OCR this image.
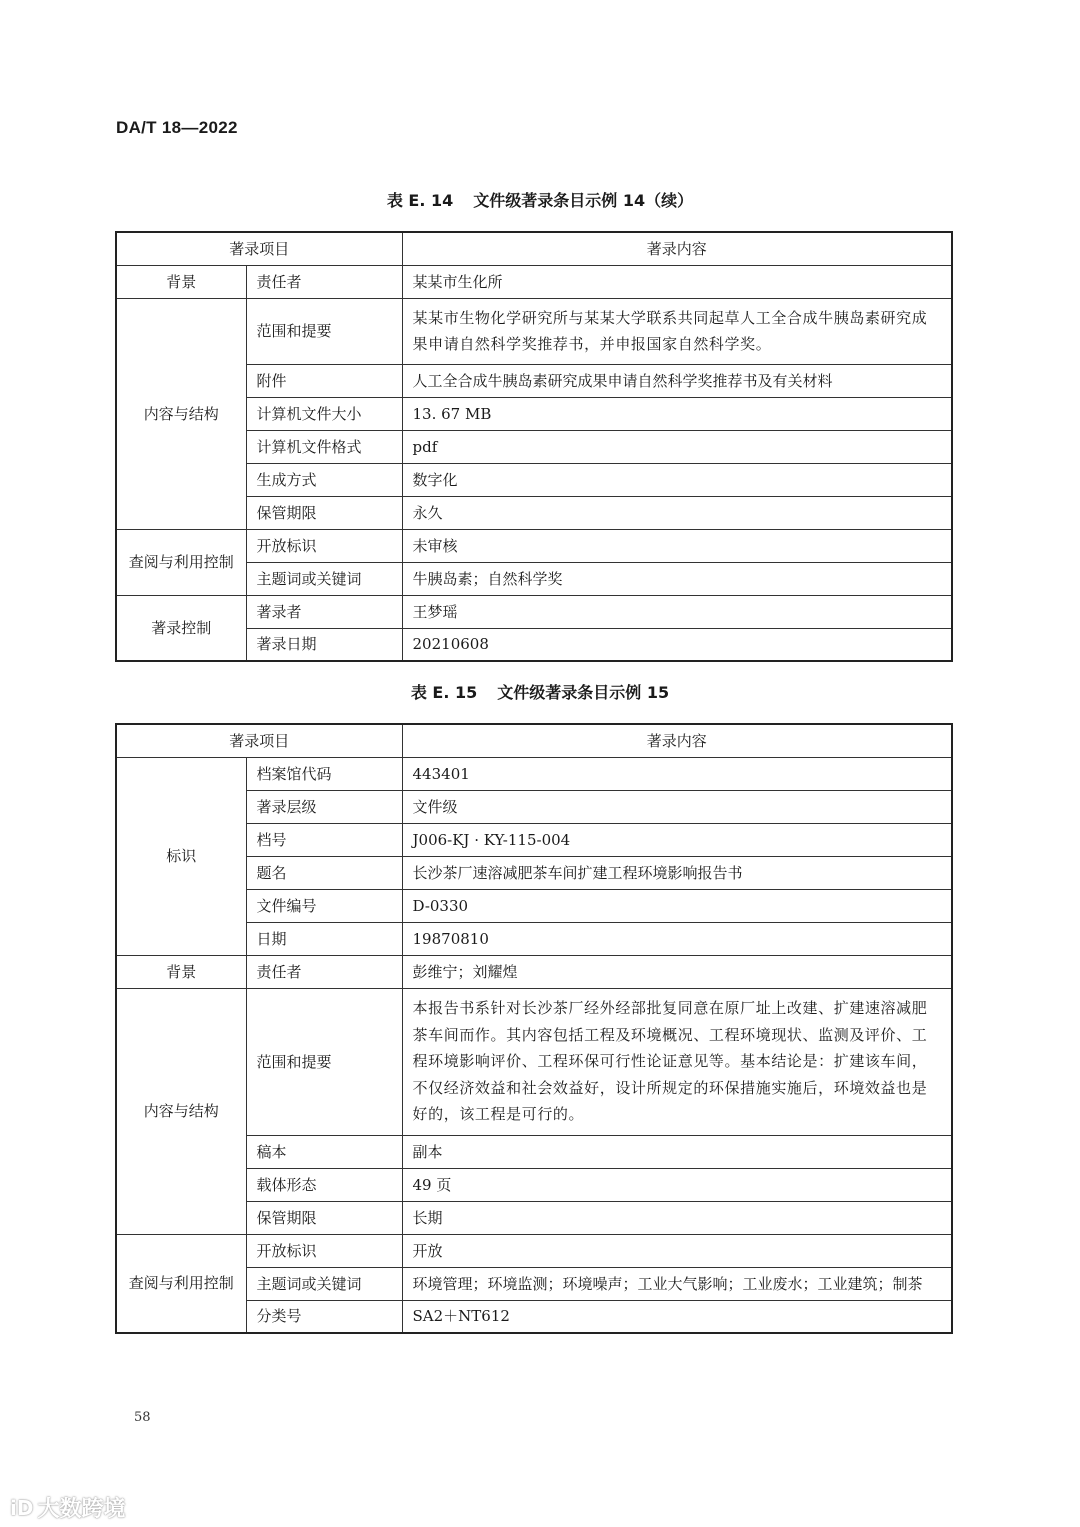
DA/T 18—2022
表 E. 14 文件级著录条目示例 14（续）
著录项目		著录内容
背景	责任者	某某市生化所
内容与结构	范围和提要	某某市生物化学研究所与某某大学联系共同起草人工全合成牛胰岛素研究成果申请自然科学奖推荐书，并申报国家自然科学奖。
	附件	人工全合成牛胰岛素研究成果申请自然科学奖推荐书及有关材料
	计算机文件大小	13. 67 MB
	计算机文件格式	pdf
	生成方式	数字化
	保管期限	永久
查阅与利用控制	开放标识	未审核
	主题词或关键词	牛胰岛素；自然科学奖
著录控制	著录者	王梦瑶
	著录日期	20210608
表 E. 15 文件级著录条目示例 15
著录项目		著录内容
标识	档案馆代码	443401
	著录层级	文件级
	档号	J006-KJ · KY-115-004
	题名	长沙茶厂速溶减肥茶车间扩建工程环境影响报告书
	文件编号	D-0330
	日期	19870810
背景	责任者	彭维宁；刘耀煌
内容与结构	范围和提要	本报告书系针对长沙茶厂经外经部批复同意在原厂址上改建、扩建速溶减肥茶车间而作。其内容包括工程及环境概况、工程环境现状、监测及评价、工程环境影响评价、工程环保可行性论证意见等。基本结论是：扩建该车间，不仅经济效益和社会效益好，设计所规定的环保措施实施后，环境效益也是好的，该工程是可行的。
	稿本	副本
	载体形态	49 页
	保管期限	长期
查阅与利用控制	开放标识	开放
	主题词或关键词	环境管理；环境监测；环境噪声；工业大气影响；工业废水；工业建筑；制茶
	分类号	SA2＋NT612
58
iD 大数跨境
